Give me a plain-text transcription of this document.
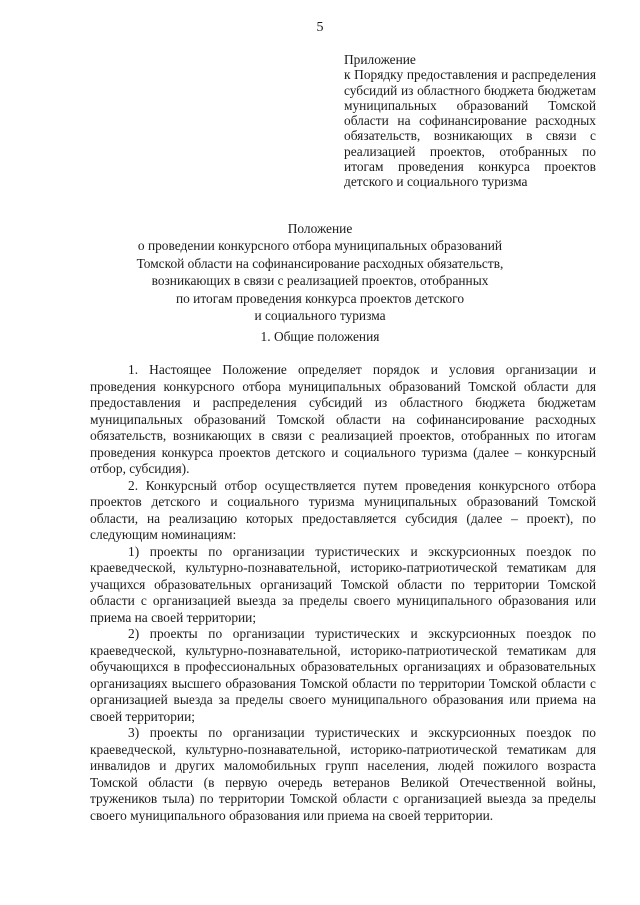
5
Приложение
к Порядку предоставления и распределения субсидий из областного бюджета бюджетам муниципальных образований Томской области на софинансирование расходных обязательств, возникающих в связи с реализацией проектов, отобранных по итогам проведения конкурса проектов детского и социального туризма
Положение
о проведении конкурсного отбора муниципальных образований
Томской области на софинансирование расходных обязательств,
возникающих в связи с реализацией проектов, отобранных
по итогам проведения конкурса проектов детского
и социального туризма
1. Общие положения

1. Настоящее Положение определяет порядок и условия организации и проведения конкурсного отбора муниципальных образований Томской области для предоставления и распределения субсидий из областного бюджета бюджетам муниципальных образований Томской области на софинансирование расходных обязательств, возникающих в связи с реализацией проектов, отобранных по итогам проведения конкурса проектов детского и социального туризма (далее – конкурсный отбор, субсидия).

2. Конкурсный отбор осуществляется путем проведения конкурсного отбора проектов детского и социального туризма муниципальных образований Томской области, на реализацию которых предоставляется субсидия (далее – проект), по следующим номинациям:

1) проекты по организации туристических и экскурсионных поездок по краеведческой, культурно-познавательной, историко-патриотической тематикам для учащихся образовательных организаций Томской области по территории Томской области с организацией выезда за пределы своего муниципального образования или приема на своей территории;

2) проекты по организации туристических и экскурсионных поездок по краеведческой, культурно-познавательной, историко-патриотической тематикам для обучающихся в профессиональных образовательных организациях и образовательных организациях высшего образования Томской области по территории Томской области с организацией выезда за пределы своего муниципального образования или приема на своей территории;

3) проекты по организации туристических и экскурсионных поездок по краеведческой, культурно-познавательной, историко-патриотической тематикам для инвалидов и других маломобильных групп населения, людей пожилого возраста Томской области (в первую очередь ветеранов Великой Отечественной войны, тружеников тыла) по территории Томской области с организацией выезда за пределы своего муниципального образования или приема на своей территории.
